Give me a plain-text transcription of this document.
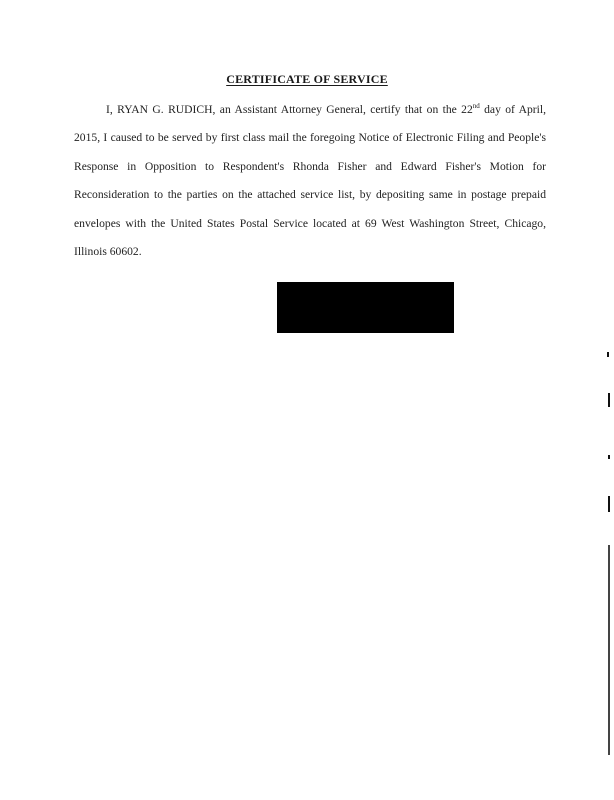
CERTIFICATE OF SERVICE

I, RYAN G. RUDICH, an Assistant Attorney General, certify that on the 22nd day of April, 2015, I caused to be served by first class mail the foregoing Notice of Electronic Filing and People's Response in Opposition to Respondent's Rhonda Fisher and Edward Fisher's Motion for Reconsideration to the parties on the attached service list, by depositing same in postage prepaid envelopes with the United States Postal Service located at 69 West Washington Street, Chicago, Illinois 60602.
